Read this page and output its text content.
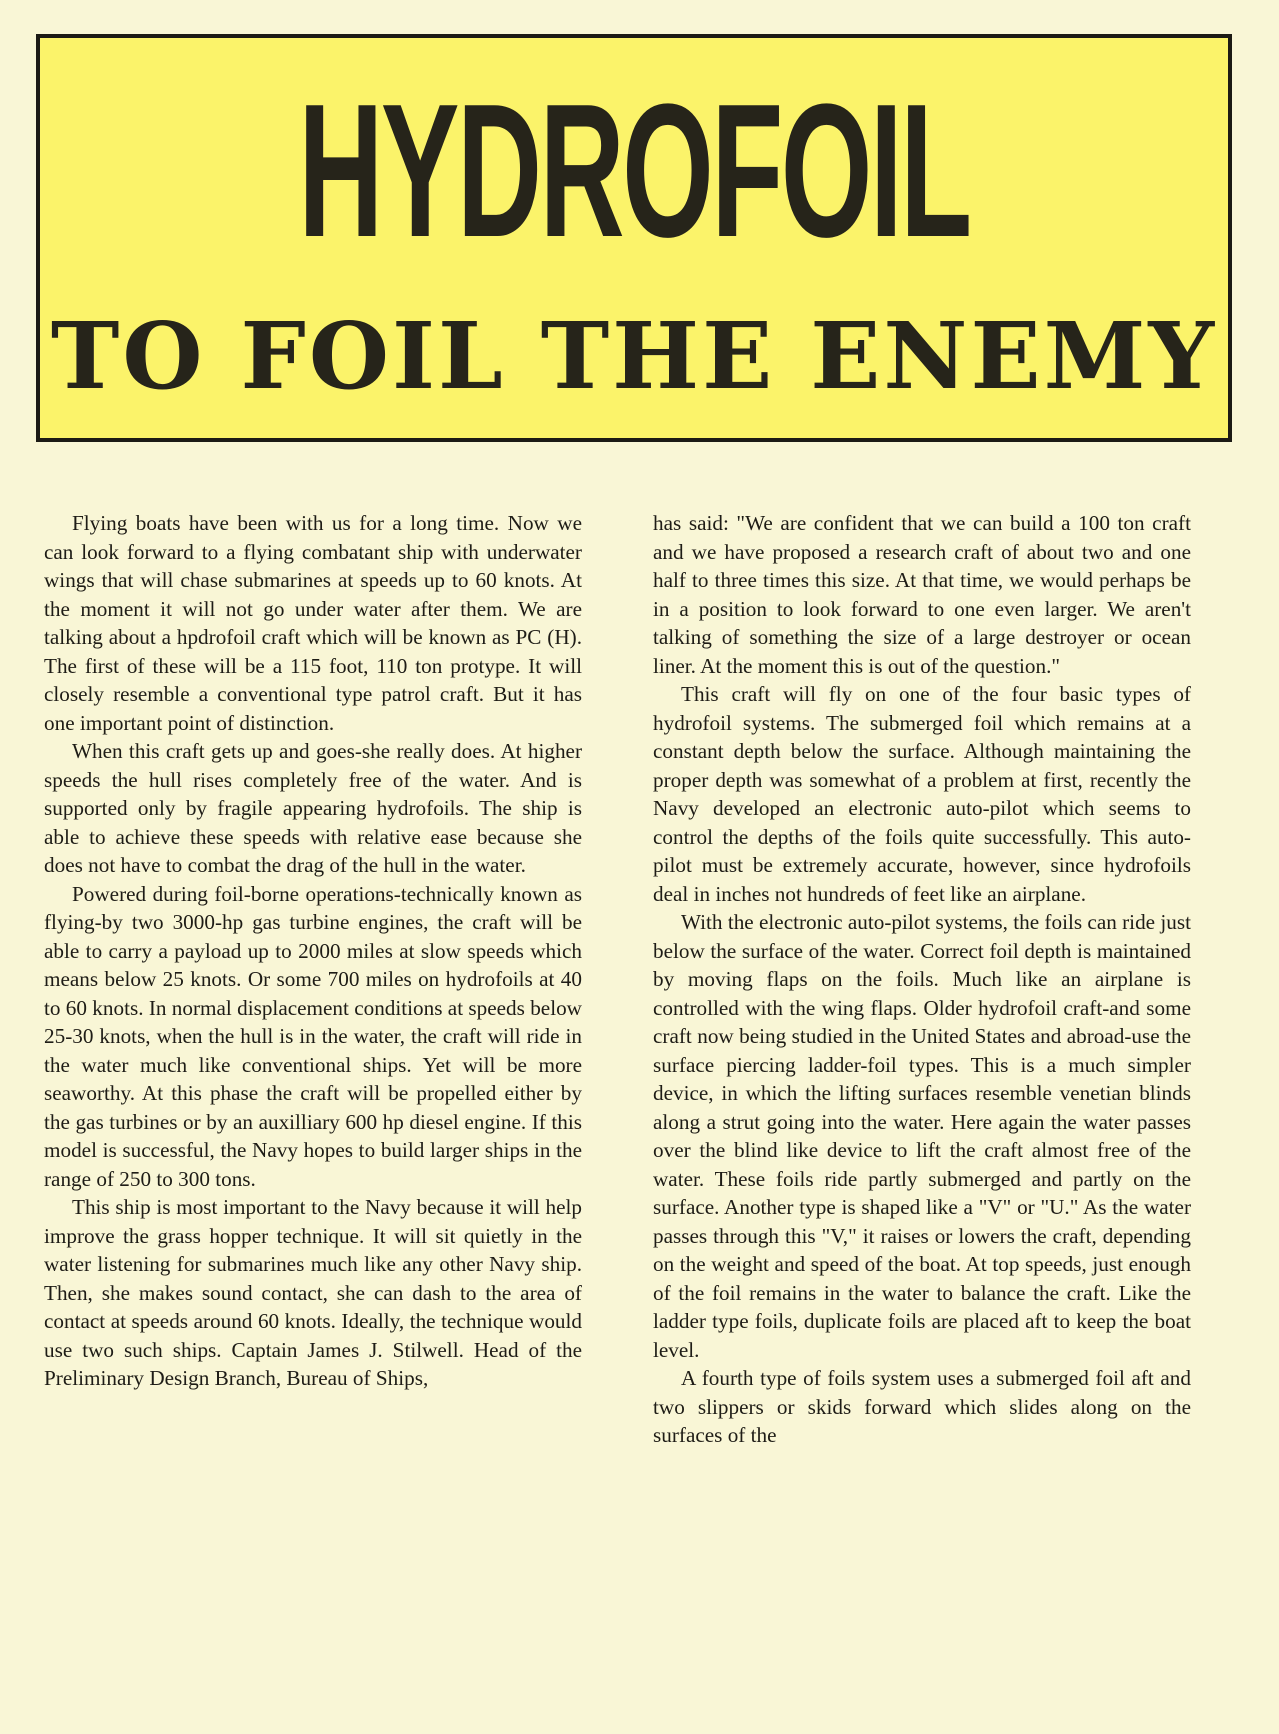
HYDROFOIL
TO FOIL THE ENEMY

Flying boats have been with us for a long time. Now we can look forward to a flying combatant ship with underwater wings that will chase submarines at speeds up to 60 knots. At the moment it will not go under water after them. We are talking about a hpdrofoil craft which will be known as PC (H). The first of these will be a 115 foot, 110 ton protype. It will closely resemble a conventional type patrol craft. But it has one important point of distinction.

When this craft gets up and goes-she really does. At higher speeds the hull rises completely free of the water. And is supported only by fragile appearing hydrofoils. The ship is able to achieve these speeds with relative ease because she does not have to combat the drag of the hull in the water.

Powered during foil-borne operations-technically known as flying-by two 3000-hp gas turbine engines, the craft will be able to carry a payload up to 2000 miles at slow speeds which means below 25 knots. Or some 700 miles on hydrofoils at 40 to 60 knots. In normal displacement conditions at speeds below 25-30 knots, when the hull is in the water, the craft will ride in the water much like conventional ships. Yet will be more seaworthy. At this phase the craft will be propelled either by the gas turbines or by an auxilliary 600 hp diesel engine. If this model is successful, the Navy hopes to build larger ships in the range of 250 to 300 tons.

This ship is most important to the Navy because it will help improve the grass hopper technique. It will sit quietly in the water listening for submarines much like any other Navy ship. Then, she makes sound contact, she can dash to the area of contact at speeds around 60 knots. Ideally, the technique would use two such ships. Captain James J. Stilwell. Head of the Preliminary Design Branch, Bureau of Ships,

has said: "We are confident that we can build a 100 ton craft and we have proposed a research craft of about two and one half to three times this size. At that time, we would perhaps be in a position to look forward to one even larger. We aren't talking of something the size of a large destroyer or ocean liner. At the moment this is out of the question."

This craft will fly on one of the four basic types of hydrofoil systems. The submerged foil which remains at a constant depth below the surface. Although maintaining the proper depth was somewhat of a problem at first, recently the Navy developed an electronic auto-pilot which seems to control the depths of the foils quite successfully. This auto-pilot must be extremely accurate, however, since hydrofoils deal in inches not hundreds of feet like an airplane.

With the electronic auto-pilot systems, the foils can ride just below the surface of the water. Correct foil depth is maintained by moving flaps on the foils. Much like an airplane is controlled with the wing flaps. Older hydrofoil craft-and some craft now being studied in the United States and abroad-use the surface piercing ladder-foil types. This is a much simpler device, in which the lifting surfaces resemble venetian blinds along a strut going into the water. Here again the water passes over the blind like device to lift the craft almost free of the water. These foils ride partly submerged and partly on the surface. Another type is shaped like a "V" or "U." As the water passes through this "V," it raises or lowers the craft, depending on the weight and speed of the boat. At top speeds, just enough of the foil remains in the water to balance the craft. Like the ladder type foils, duplicate foils are placed aft to keep the boat level.

A fourth type of foils system uses a submerged foil aft and two slippers or skids forward which slides along on the surfaces of the
